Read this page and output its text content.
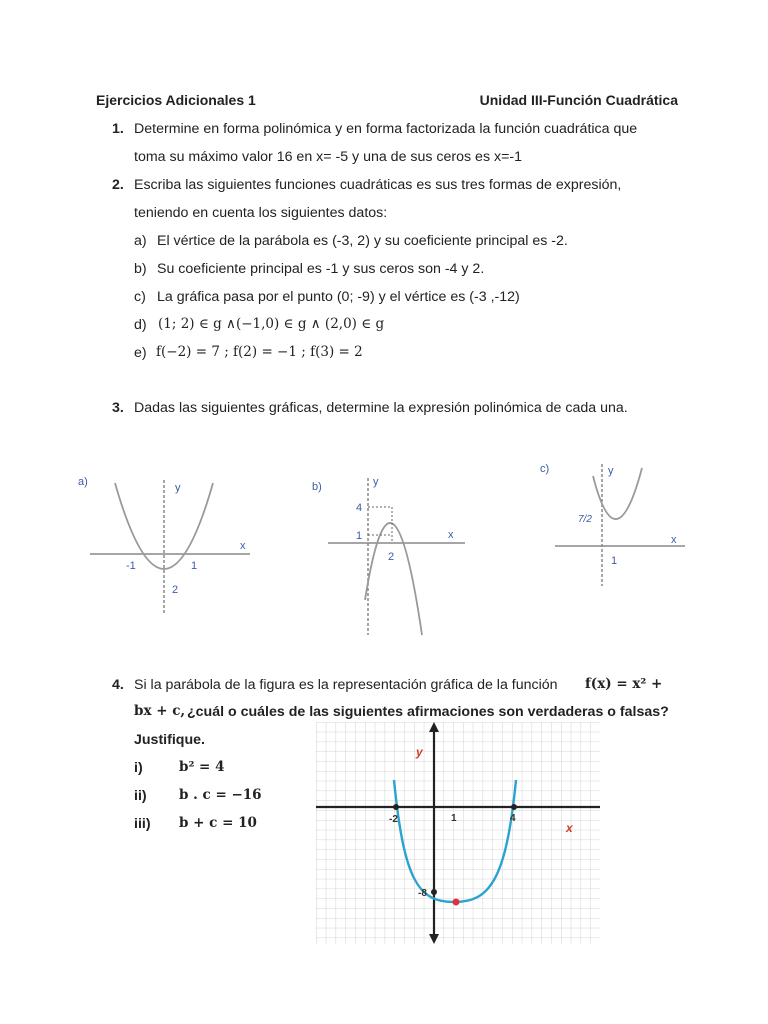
Ejercicios Adicionales 1	Unidad III-Función Cuadrática
1. Determine en forma polinómica y en forma factorizada la función cuadrática que
toma su máximo valor 16 en x= -5 y una de sus ceros es x=-1
2. Escriba las siguientes funciones cuadráticas es sus tres formas de expresión,
teniendo en cuenta los siguientes datos:
a) El vértice de la parábola es (-3, 2) y su coeficiente principal es -2.
b) Su coeficiente principal es -1 y sus ceros son -4 y 2.
c) La gráfica pasa por el punto (0; -9) y el vértice es (-3 ,-12)
d) (1; 2) ∈ g ∧(−1,0) ∈ g ∧ (2,0) ∈ g
e) f(−2) = 7 ; f(2) = −1 ; f(3) = 2
3. Dadas las siguientes gráficas, determine la expresión polinómica de cada una.
a)	y
x
-1	1
2
b)	y
x
4
1
2
c)	y
x
7/2
1
4. Si la parábola de la figura es la representación gráfica de la función f(x) = x² +
bx + c, ¿cuál o cuáles de las siguientes afirmaciones son verdaderas o falsas?
Justifique.
i)	b² = 4
ii) b . c = −16
iii) b + c = 10
y
x
-2	1	4
-8
